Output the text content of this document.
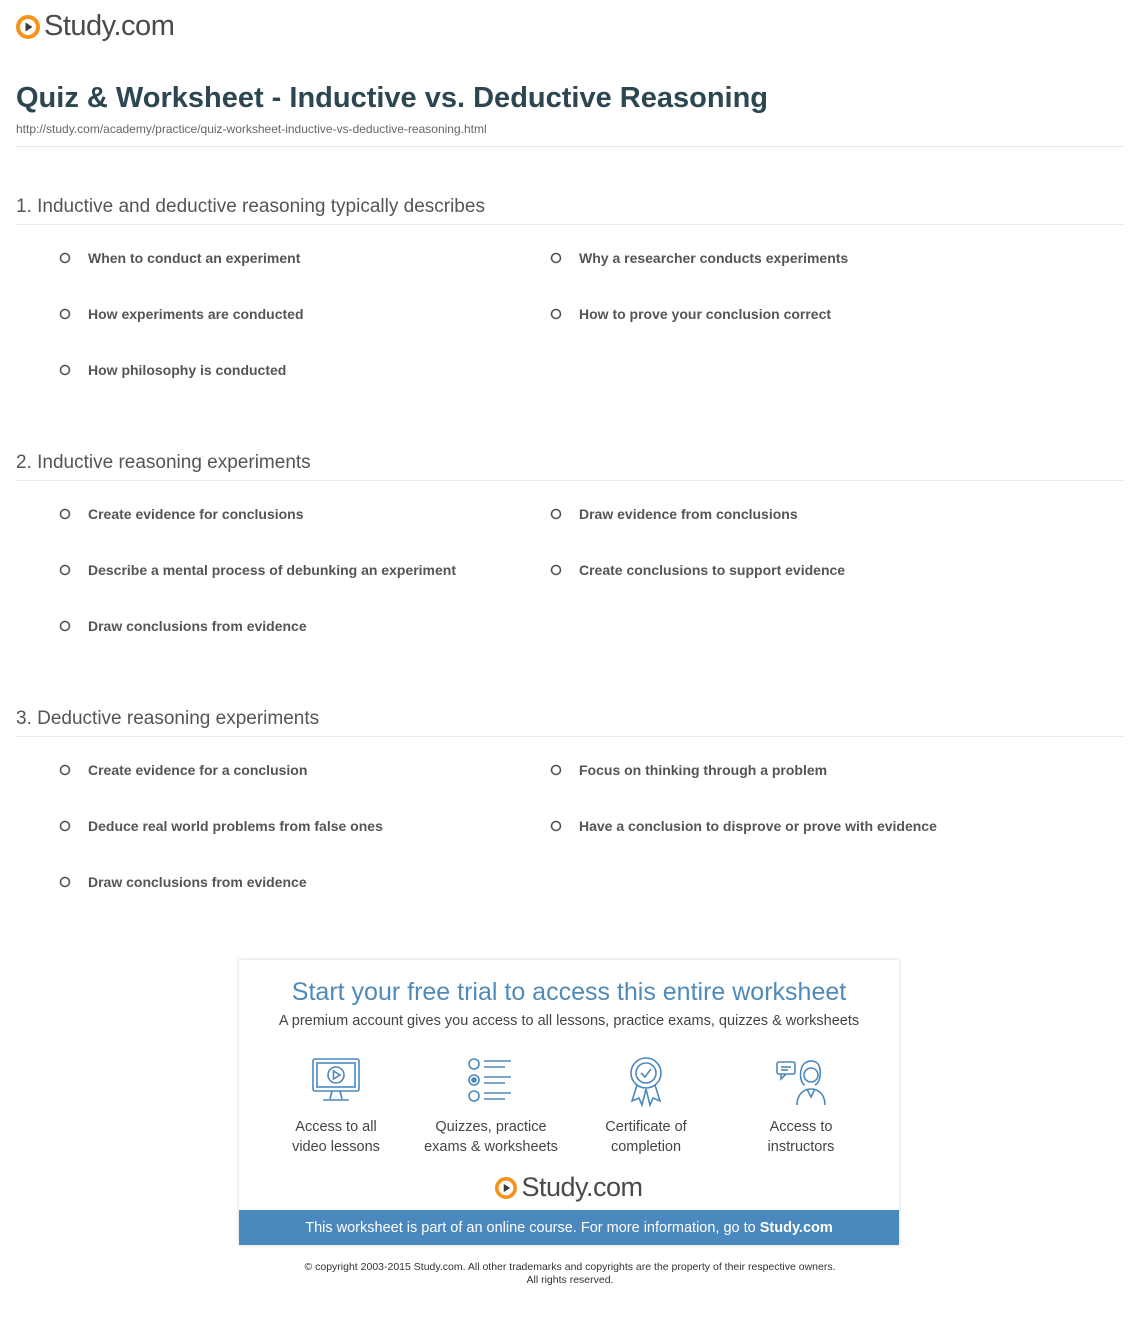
Study.com
Quiz & Worksheet - Inductive vs. Deductive Reasoning
http://study.com/academy/practice/quiz-worksheet-inductive-vs-deductive-reasoning.html

1. Inductive and deductive reasoning typically describes

When to conduct an experiment	Why a researcher conducts experiments
How experiments are conducted	How to prove your conclusion correct
How philosophy is conducted

2. Inductive reasoning experiments

Create evidence for conclusions	Draw evidence from conclusions
Describe a mental process of debunking an experiment	Create conclusions to support evidence
Draw conclusions from evidence

3. Deductive reasoning experiments

Create evidence for a conclusion	Focus on thinking through a problem
Deduce real world problems from false ones	Have a conclusion to disprove or prove with evidence
Draw conclusions from evidence
Start your free trial to access this entire worksheet
A premium account gives you access to all lessons, practice exams, quizzes & worksheets
Access to all
video lessons
Quizzes, practice
exams & worksheets
Certificate of
completion
Access to
instructors
Study.com
This worksheet is part of an online course. For more information, go to Study.com
© copyright 2003-2015 Study.com. All other trademarks and copyrights are the property of their respective owners.
All rights reserved.
